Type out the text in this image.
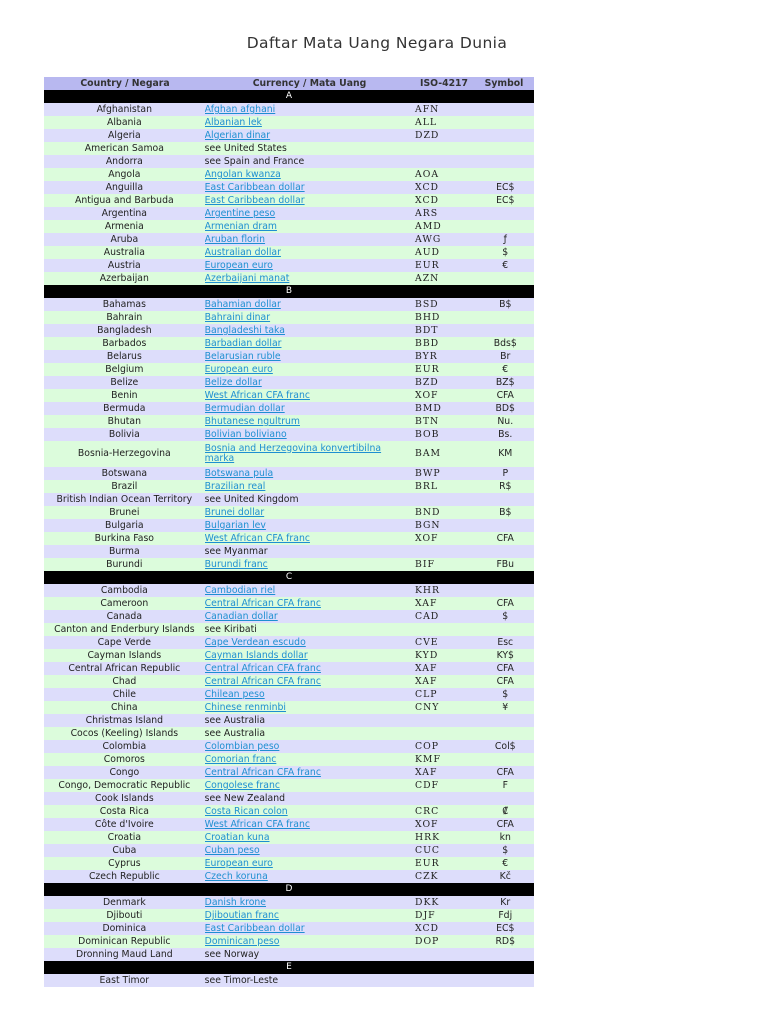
Daftar Mata Uang Negara Dunia
Country / Negara	Currency / Mata Uang	ISO-4217	Symbol
A
Afghanistan	Afghan afghani	AFN
Albania	Albanian lek	ALL
Algeria	Algerian dinar	DZD
American Samoa	see United States
Andorra	see Spain and France
Angola	Angolan kwanza	AOA
Anguilla	East Caribbean dollar	XCD	EC$
Antigua and Barbuda	East Caribbean dollar	XCD	EC$
Argentina	Argentine peso	ARS
Armenia	Armenian dram	AMD
Aruba	Aruban florin	AWG	ƒ
Australia	Australian dollar	AUD	$
Austria	European euro	EUR	€
Azerbaijan	Azerbaijani manat	AZN
B
Bahamas	Bahamian dollar	BSD	B$
Bahrain	Bahraini dinar	BHD
Bangladesh	Bangladeshi taka	BDT
Barbados	Barbadian dollar	BBD	Bds$
Belarus	Belarusian ruble	BYR	Br
Belgium	European euro	EUR	€
Belize	Belize dollar	BZD	BZ$
Benin	West African CFA franc	XOF	CFA
Bermuda	Bermudian dollar	BMD	BD$
Bhutan	Bhutanese ngultrum	BTN	Nu.
Bolivia	Bolivian boliviano	BOB	Bs.
Bosnia-Herzegovina	Bosnia and Herzegovina konvertibilna marka	BAM	KM
Botswana	Botswana pula	BWP	P
Brazil	Brazilian real	BRL	R$
British Indian Ocean Territory	see United Kingdom
Brunei	Brunei dollar	BND	B$
Bulgaria	Bulgarian lev	BGN
Burkina Faso	West African CFA franc	XOF	CFA
Burma	see Myanmar
Burundi	Burundi franc	BIF	FBu
C
Cambodia	Cambodian riel	KHR
Cameroon	Central African CFA franc	XAF	CFA
Canada	Canadian dollar	CAD	$
Canton and Enderbury Islands	see Kiribati
Cape Verde	Cape Verdean escudo	CVE	Esc
Cayman Islands	Cayman Islands dollar	KYD	KY$
Central African Republic	Central African CFA franc	XAF	CFA
Chad	Central African CFA franc	XAF	CFA
Chile	Chilean peso	CLP	$
China	Chinese renminbi	CNY	¥
Christmas Island	see Australia
Cocos (Keeling) Islands	see Australia
Colombia	Colombian peso	COP	Col$
Comoros	Comorian franc	KMF
Congo	Central African CFA franc	XAF	CFA
Congo, Democratic Republic	Congolese franc	CDF	F
Cook Islands	see New Zealand
Costa Rica	Costa Rican colon	CRC	₡
Côte d'Ivoire	West African CFA franc	XOF	CFA
Croatia	Croatian kuna	HRK	kn
Cuba	Cuban peso	CUC	$
Cyprus	European euro	EUR	€
Czech Republic	Czech koruna	CZK	Kč
D
Denmark	Danish krone	DKK	Kr
Djibouti	Djiboutian franc	DJF	Fdj
Dominica	East Caribbean dollar	XCD	EC$
Dominican Republic	Dominican peso	DOP	RD$
Dronning Maud Land	see Norway
E
East Timor	see Timor-Leste
